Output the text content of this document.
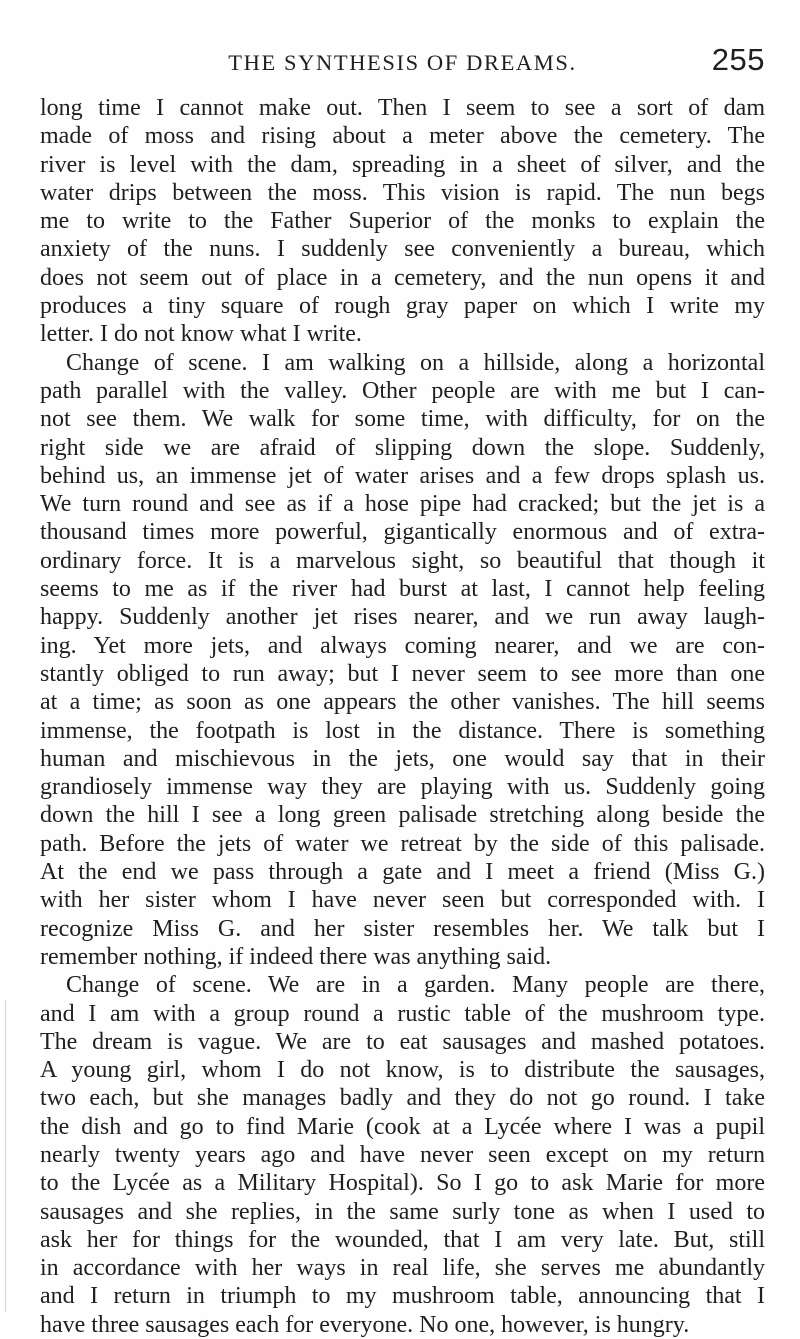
THE SYNTHESIS OF DREAMS.	255
long time I cannot make out. Then I seem to see a sort of dam
made of moss and rising about a meter above the cemetery. The
river is level with the dam, spreading in a sheet of silver, and the
water drips between the moss. This vision is rapid. The nun begs
me to write to the Father Superior of the monks to explain the
anxiety of the nuns. I suddenly see conveniently a bureau, which
does not seem out of place in a cemetery, and the nun opens it and
produces a tiny square of rough gray paper on which I write my
letter. I do not know what I write.
Change of scene. I am walking on a hillside, along a horizontal
path parallel with the valley. Other people are with me but I can-
not see them. We walk for some time, with difficulty, for on the
right side we are afraid of slipping down the slope. Suddenly,
behind us, an immense jet of water arises and a few drops splash us.
We turn round and see as if a hose pipe had cracked; but the jet is a
thousand times more powerful, gigantically enormous and of extra-
ordinary force. It is a marvelous sight, so beautiful that though it
seems to me as if the river had burst at last, I cannot help feeling
happy. Suddenly another jet rises nearer, and we run away laugh-
ing. Yet more jets, and always coming nearer, and we are con-
stantly obliged to run away; but I never seem to see more than one
at a time; as soon as one appears the other vanishes. The hill seems
immense, the footpath is lost in the distance. There is something
human and mischievous in the jets, one would say that in their
grandiosely immense way they are playing with us. Suddenly going
down the hill I see a long green palisade stretching along beside the
path. Before the jets of water we retreat by the side of this palisade.
At the end we pass through a gate and I meet a friend (Miss G.)
with her sister whom I have never seen but corresponded with. I
recognize Miss G. and her sister resembles her. We talk but I
remember nothing, if indeed there was anything said.
Change of scene. We are in a garden. Many people are there,
and I am with a group round a rustic table of the mushroom type.
The dream is vague. We are to eat sausages and mashed potatoes.
A young girl, whom I do not know, is to distribute the sausages,
two each, but she manages badly and they do not go round. I take
the dish and go to find Marie (cook at a Lycée where I was a pupil
nearly twenty years ago and have never seen except on my return
to the Lycée as a Military Hospital). So I go to ask Marie for more
sausages and she replies, in the same surly tone as when I used to
ask her for things for the wounded, that I am very late. But, still
in accordance with her ways in real life, she serves me abundantly
and I return in triumph to my mushroom table, announcing that I
have three sausages each for everyone. No one, however, is hungry.
